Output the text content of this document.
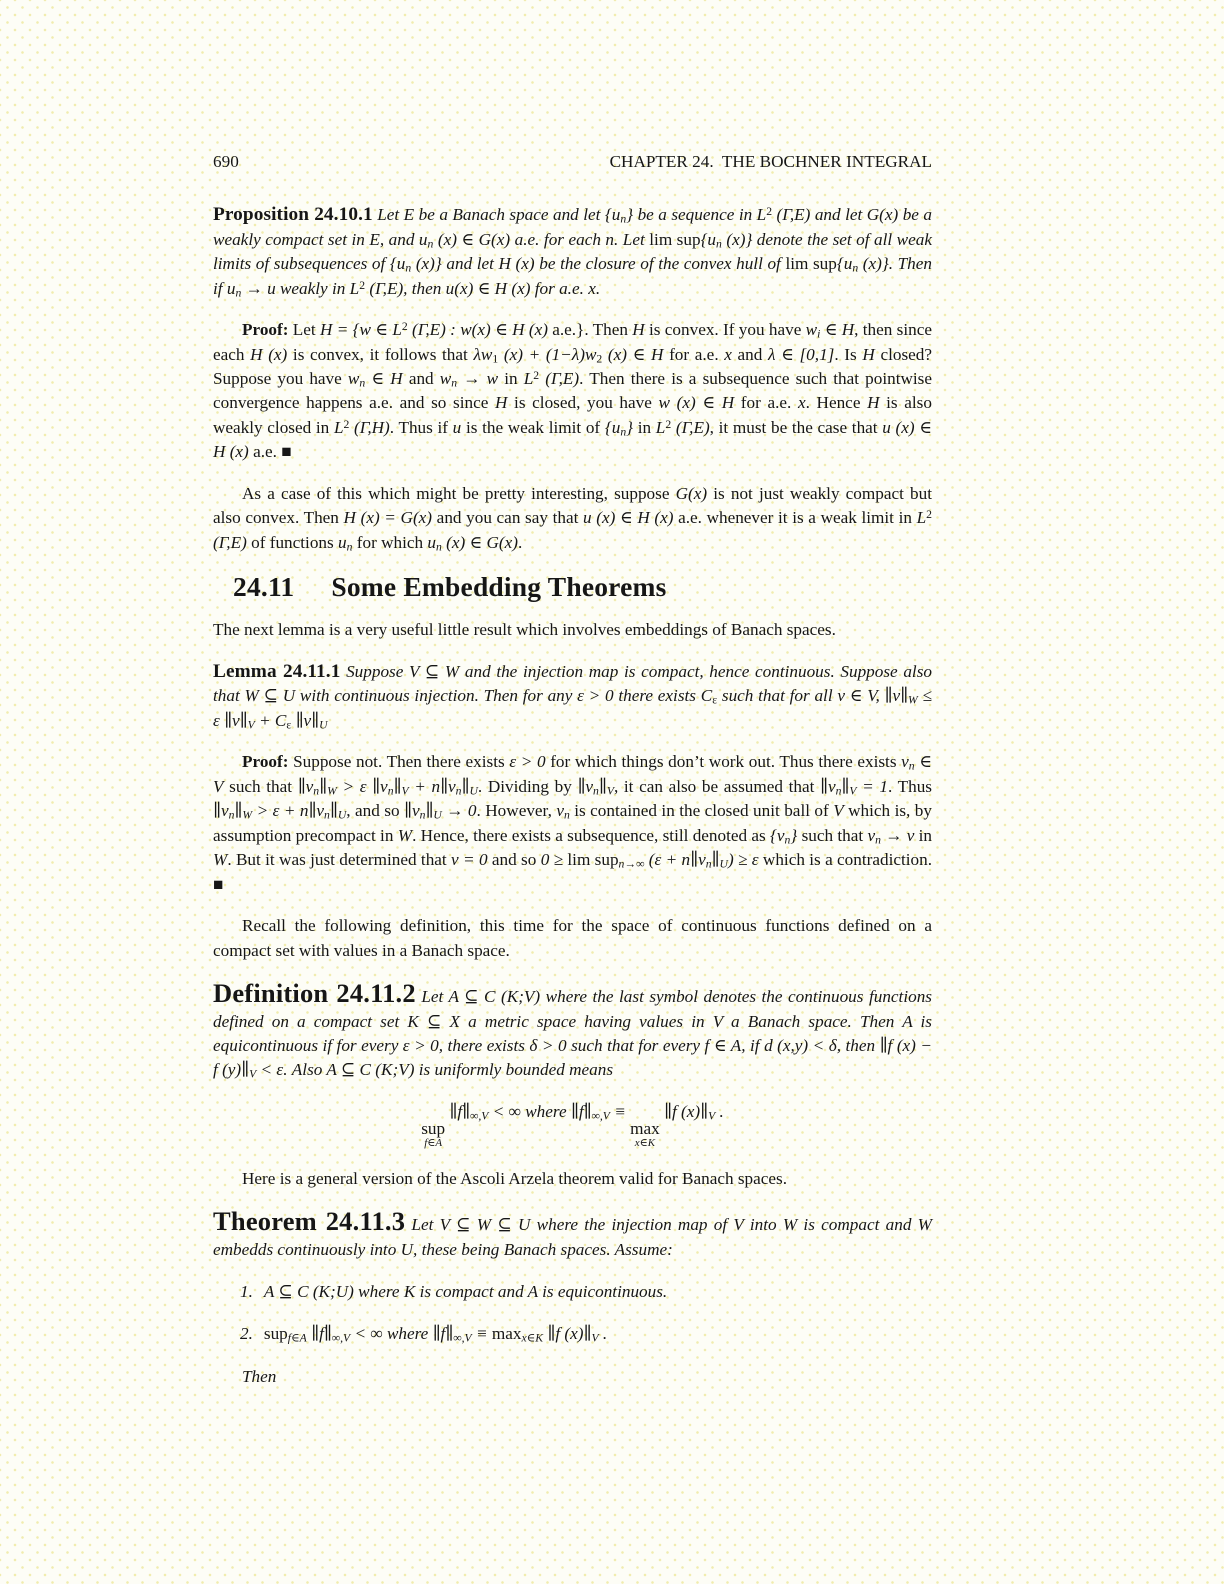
690	CHAPTER 24.  THE BOCHNER INTEGRAL

Proposition 24.10.1 Let E be a Banach space and let $\{u_n\}$ be a sequence in $L^2$ (Γ,E) and let G(x) be a weakly compact set in E, and $u_n$ (x) ∈ G(x) a.e. for each n. Let $\lim sup\{u_n$ (x)} denote the set of all weak limits of subsequences of {$u_n$ (x)} and let H (x) be the closure of the convex hull of $\lim sup\{u_n$ (x)}. Then if $u_n \to u$ weakly in $L^2$ (Γ,E), then u(x) ∈ H (x) for a.e. x.

Proof: Let H = {w ∈ $L^2$ (Γ,E) : w(x) ∈ H (x) a.e.}. Then H is convex. If you have $w_i$ ∈ H, then since each H (x) is convex, it follows that $\lambda w_1$ $(x) + (1-\lambda)w_2$ (x) ∈ H for a.e. x and λ ∈ [0,1]. Is H closed? Suppose you have $w_n$ ∈ H and $w_n \to w$ in $L^2$ (Γ,E). Then there is a subsequence such that pointwise convergence happens a.e. and so since H is closed, you have w (x) ∈ H for a.e. x. Hence H is also weakly closed in $L^2$ (Γ,H). Thus if u is the weak limit of $\{u_n\}$ in $L^2$ (Γ,E), it must be the case that u (x) ∈ H (x) a.e. ■

As a case of this which might be pretty interesting, suppose G(x) is not just weakly compact but also convex. Then H (x) = G(x) and you can say that u (x) ∈ H (x) a.e. whenever it is a weak limit in $L^2$ (Γ,E) of functions $u_n$ for which $u_n$ (x) ∈ G(x).

24.11 Some Embedding Theorems

The next lemma is a very useful little result which involves embeddings of Banach spaces.

Lemma 24.11.1 Suppose V ⊆ W and the injection map is compact, hence continuous. Suppose also that W ⊆ U with continuous injection. Then for any ε > 0 there exists $C_\varepsilon$ such that for all v ∈ V, $\parallel v\parallel_W \le \varepsilon$ $\parallel v\parallel_V + C_\varepsilon$ $\parallel v\parallel_U$

Proof: Suppose not. Then there exists ε > 0 for which things don’t work out. Thus there exists $v_n$ ∈ V such that $\parallel v_n\parallel_W > \varepsilon$ $\parallel v_n\parallel_V$ + $n\parallel v_n\parallel_U$. Dividing by $\parallel v_n\parallel_V$, it can also be assumed that $\parallel v_n\parallel_V = 1$. Thus $\parallel v_n\parallel_W > \varepsilon$ + $n\parallel v_n\parallel_U$, and so $\parallel v_n\parallel_U \to 0$. However, $v_n$ is contained in the closed unit ball of V which is, by assumption precompact in W. Hence, there exists a subsequence, still denoted as $\{v_n\}$ such that $v_n \to v$ in W. But it was just determined that v = 0 and so 0 ≥ lim sup$_{n\to\infty}$ $(\varepsilon + n\parallel v_n\parallel_U) \ge \varepsilon$ which is a contradiction. ■

Recall the following definition, this time for the space of continuous functions defined on a compact set with values in a Banach space.

Definition 24.11.2 Let A ⊆ C (K;V) where the last symbol denotes the continuous functions defined on a compact set K ⊆ X a metric space having values in V a Banach space. Then A is equicontinuous if for every ε > 0, there exists δ > 0 such that for every f ∈ A, if d (x,y) < δ, then ∥f (x) − f $(y)\parallel_V < \varepsilon$. Also A ⊆ C (K;V) is uniformly bounded means

sup
f∈A
$\parallel f\parallel_{\infty,V}$ < ∞ where $\parallel f\parallel_{\infty,V}$ ≡
max
x∈K
∥f $(x)\parallel_V$ .

Here is a general version of the Ascoli Arzela theorem valid for Banach spaces.

Theorem 24.11.3 Let V ⊆ W ⊆ U where the injection map of V into W is compact and W embedds continuously into U, these being Banach spaces. Assume:

1. A ⊆ C (K;U) where K is compact and A is equicontinuous.
2. sup$_{f\in A}$ $\parallel f\parallel_{\infty,V}$ < ∞ where $\parallel f\parallel_{\infty,V} \equiv \max_{x\in K}$ ∥f $(x)\parallel_V$ .

Then
